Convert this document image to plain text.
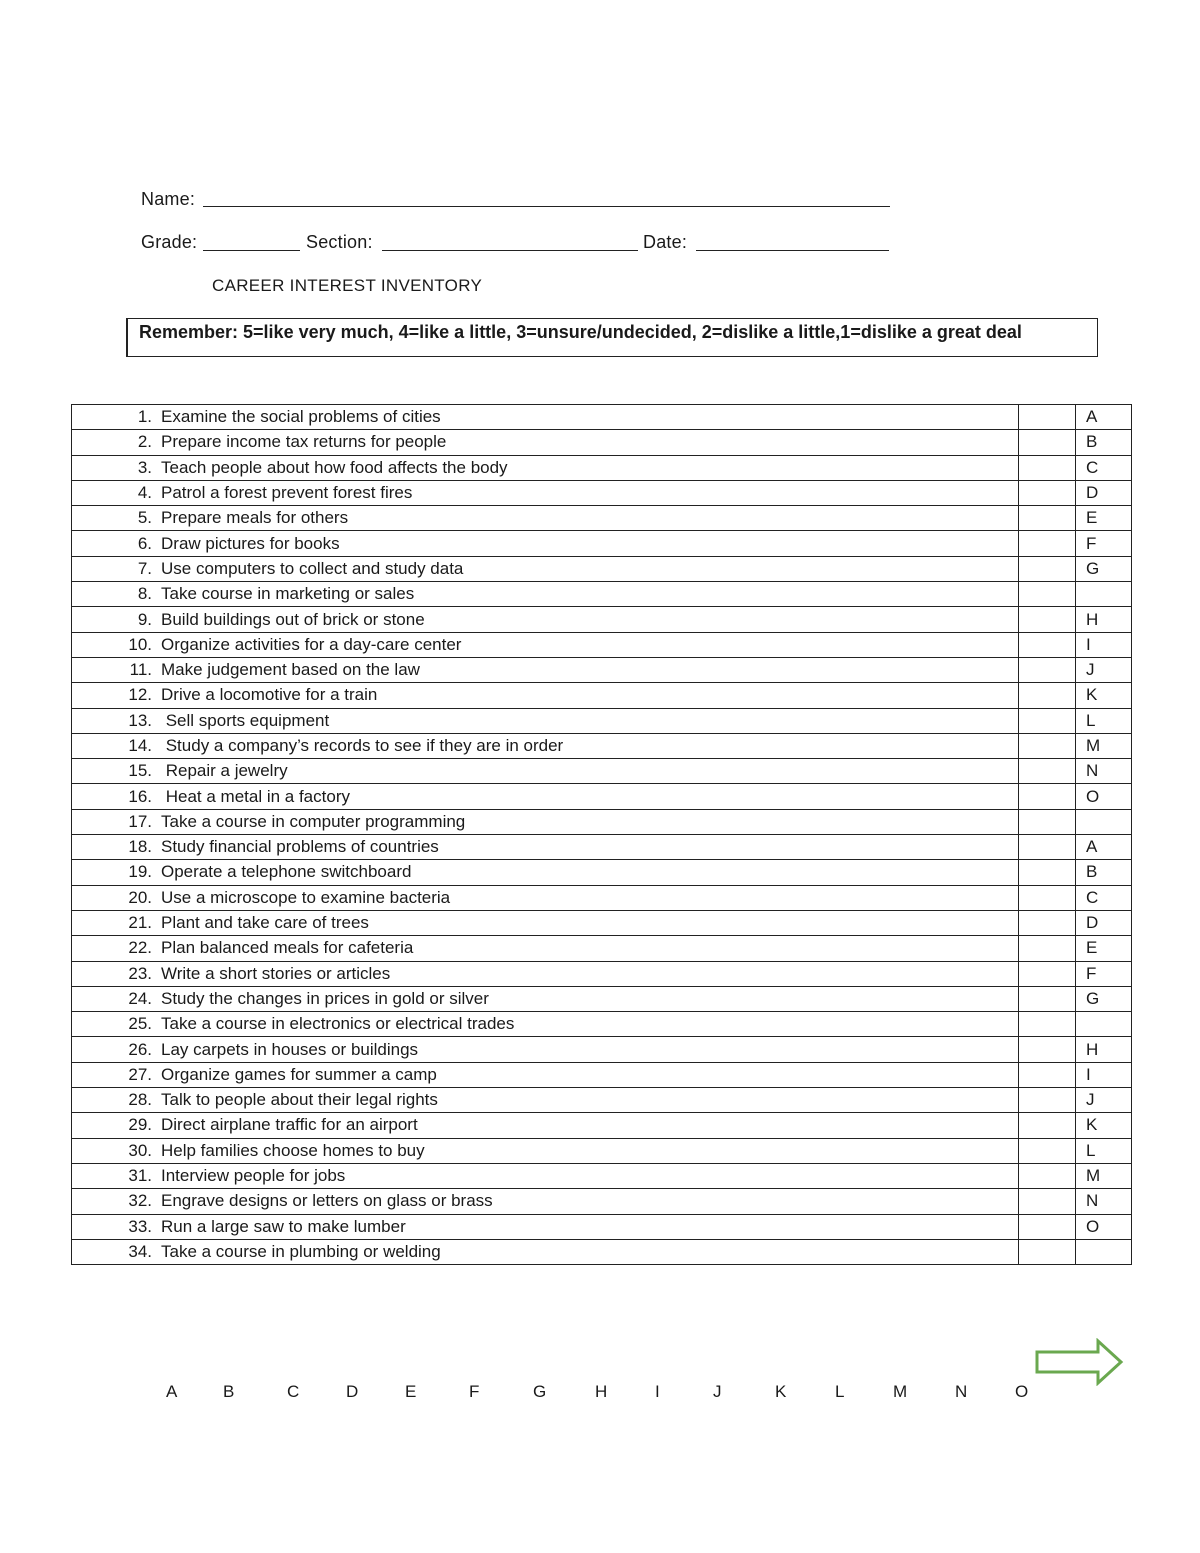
Name:
Grade:	Section:	Date:
CAREER INTEREST INVENTORY
Remember: 5=like very much, 4=like a little, 3=unsure/undecided, 2=dislike a little,1=dislike a great deal
1. Examine the social problems of cities		A
2. Prepare income tax returns for people		B
3. Teach people about how food affects the body		C
4. Patrol a forest prevent forest fires		D
5. Prepare meals for others		E
6. Draw pictures for books		F
7. Use computers to collect and study data		G
8. Take course in marketing or sales		
9. Build buildings out of brick or stone		H
10. Organize activities for a day-care center		I
11. Make judgement based on the law		J
12. Drive a locomotive for a train		K
13. Sell sports equipment		L
14. Study a company’s records to see if they are in order		M
15. Repair a jewelry		N
16. Heat a metal in a factory		O
17. Take a course in computer programming		
18. Study financial problems of countries		A
19. Operate a telephone switchboard		B
20. Use a microscope to examine bacteria		C
21. Plant and take care of trees		D
22. Plan balanced meals for cafeteria		E
23. Write a short stories or articles		F
24. Study the changes in prices in gold or silver		G
25. Take a course in electronics or electrical trades		
26. Lay carpets in houses or buildings		H
27. Organize games for summer a camp		I
28. Talk to people about their legal rights		J
29. Direct airplane traffic for an airport		K
30. Help families choose homes to buy		L
31. Interview people for jobs		M
32. Engrave designs or letters on glass or brass		N
33. Run a large saw to make lumber		O
34. Take a course in plumbing or welding		
A	B	C	D	E	F	G	H	I	J	K	L	M	N	O
